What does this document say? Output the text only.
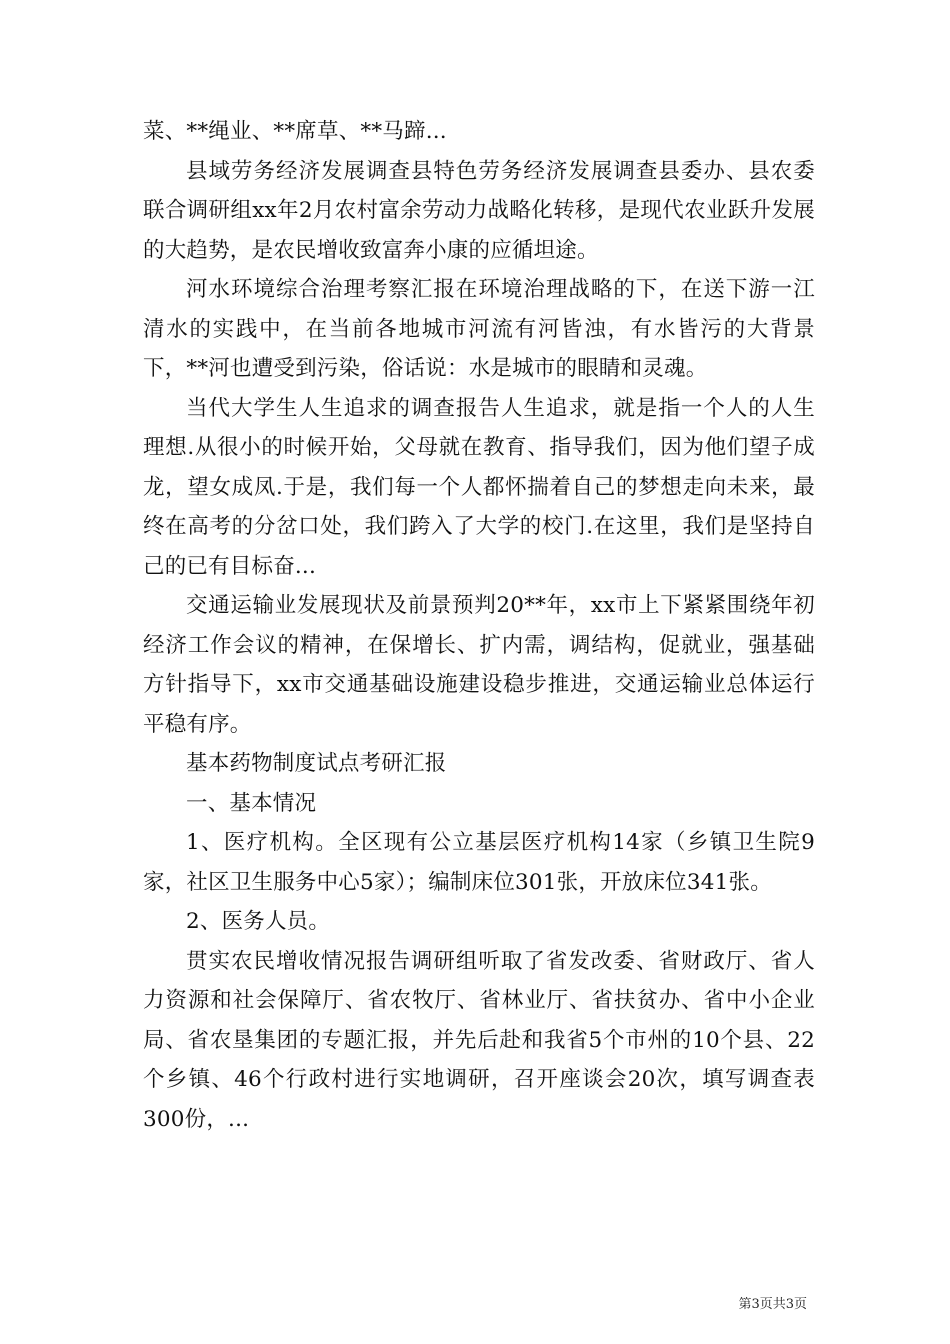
菜、**绳业、**席草、**马蹄...

县域劳务经济发展调查县特色劳务经济发展调查县委办、县农委联合调研组xx年2月农村富余劳动力战略化转移，是现代农业跃升发展的大趋势，是农民增收致富奔小康的应循坦途。

河水环境综合治理考察汇报在环境治理战略的下，在送下游一江清水的实践中，在当前各地城市河流有河皆浊，有水皆污的大背景下，**河也遭受到污染，俗话说：水是城市的眼睛和灵魂。

当代大学生人生追求的调查报告人生追求，就是指一个人的人生理想.从很小的时候开始，父母就在教育、指导我们，因为他们望子成龙，望女成凤.于是，我们每一个人都怀揣着自己的梦想走向未来，最终在高考的分岔口处，我们跨入了大学的校门.在这里，我们是坚持自己的已有目标奋...

交通运输业发展现状及前景预判20**年，xx市上下紧紧围绕年初经济工作会议的精神，在保增长、扩内需，调结构，促就业，强基础方针指导下，xx市交通基础设施建设稳步推进，交通运输业总体运行平稳有序。

基本药物制度试点考研汇报

一、基本情况

1、医疗机构。全区现有公立基层医疗机构14家（乡镇卫生院9家，社区卫生服务中心5家）；编制床位301张，开放床位341张。

2、医务人员。

贯实农民增收情况报告调研组听取了省发改委、省财政厅、省人力资源和社会保障厅、省农牧厅、省林业厅、省扶贫办、省中小企业局、省农垦集团的专题汇报，并先后赴和我省5个市州的10个县、22个乡镇、46个行政村进行实地调研，召开座谈会20次，填写调查表300份，...

第3页共3页
